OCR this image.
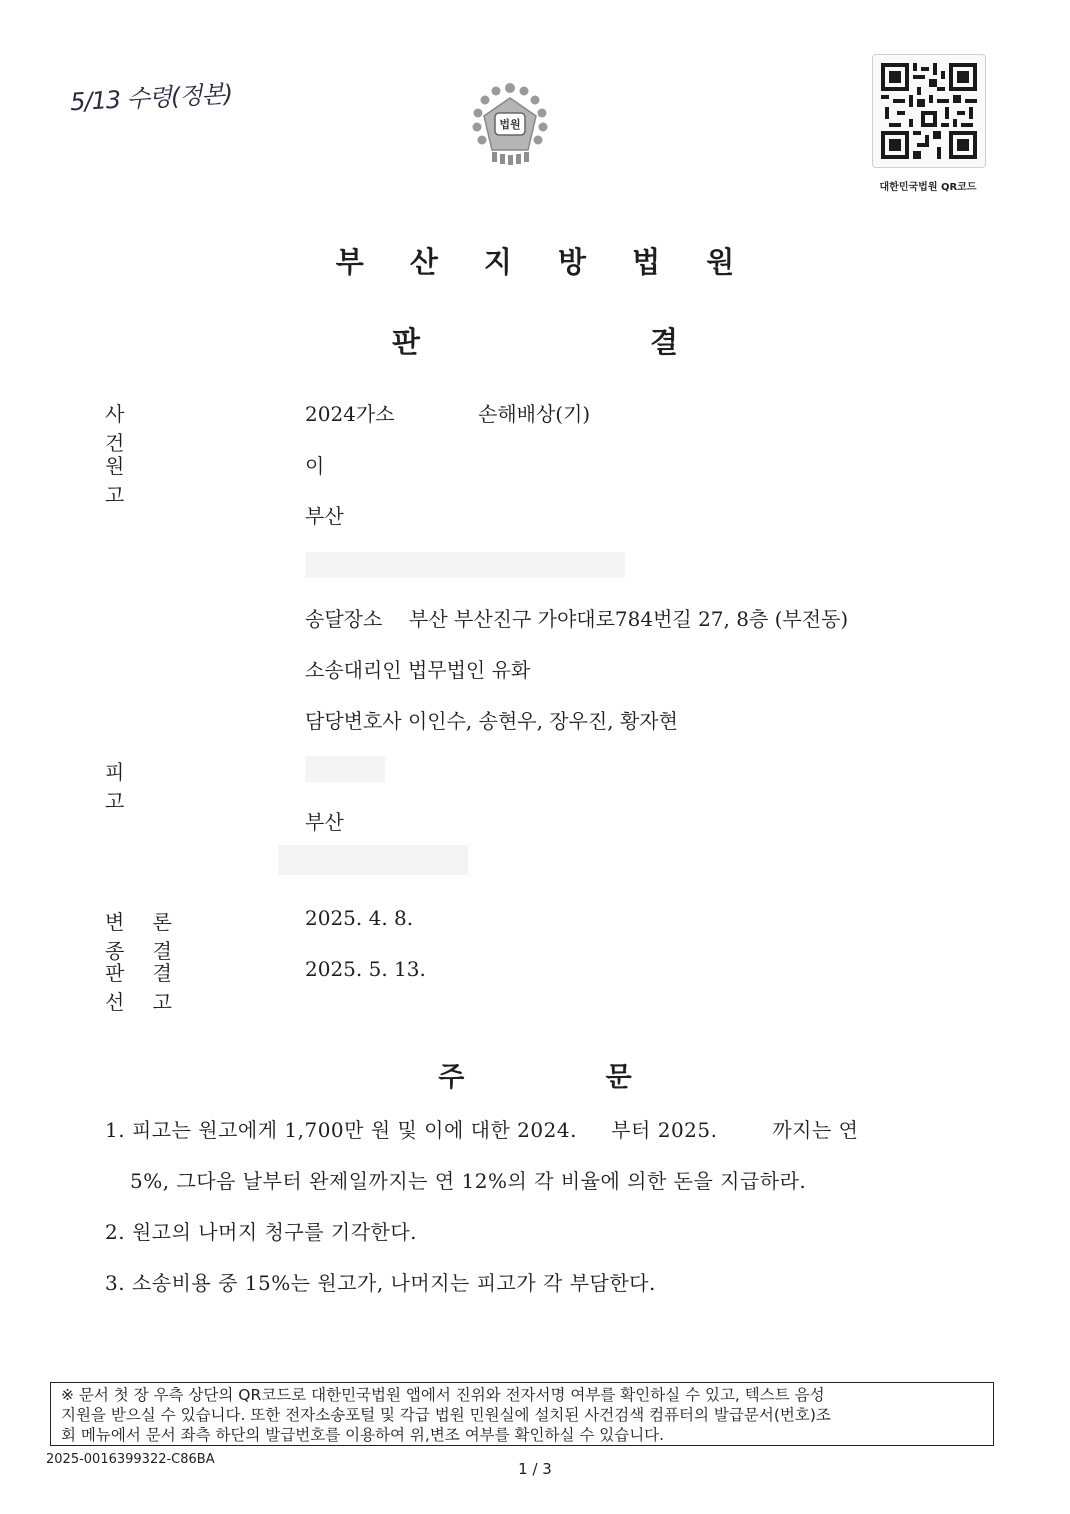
5/13 수령(정본)
법원
대한민국법원 QR코드
부 산 지 방 법 원
판 결
사 건
2024가소	손해배상(기)
원 고
이
부산
송달장소 부산 부산진구 가야대로784번길 27, 8층 (부전동)
소송대리인 법무법인 유화
담당변호사 이인수, 송현우, 장우진, 황자현
피 고
부산
변 론 종 결
2025. 4. 8.
판 결 선 고
2025. 5. 13.
주 문
1. 피고는 원고에게 1,700만 원 및 이에 대한 2024.     부터 2025.        까지는 연
5%, 그다음 날부터 완제일까지는 연 12%의 각 비율에 의한 돈을 지급하라.
2. 원고의 나머지 청구를 기각한다.
3. 소송비용 중 15%는 원고가, 나머지는 피고가 각 부담한다.
※ 문서 첫 장 우측 상단의 QR코드로 대한민국법원 앱에서 진위와 전자서명 여부를 확인하실 수 있고, 텍스트 음성
지원을 받으실 수 있습니다. 또한 전자소송포털 및 각급 법원 민원실에 설치된 사건검색 컴퓨터의 발급문서(번호)조
회 메뉴에서 문서 좌측 하단의 발급번호를 이용하여 위,변조 여부를 확인하실 수 있습니다.
2025-0016399322-C86BA
1 / 3
